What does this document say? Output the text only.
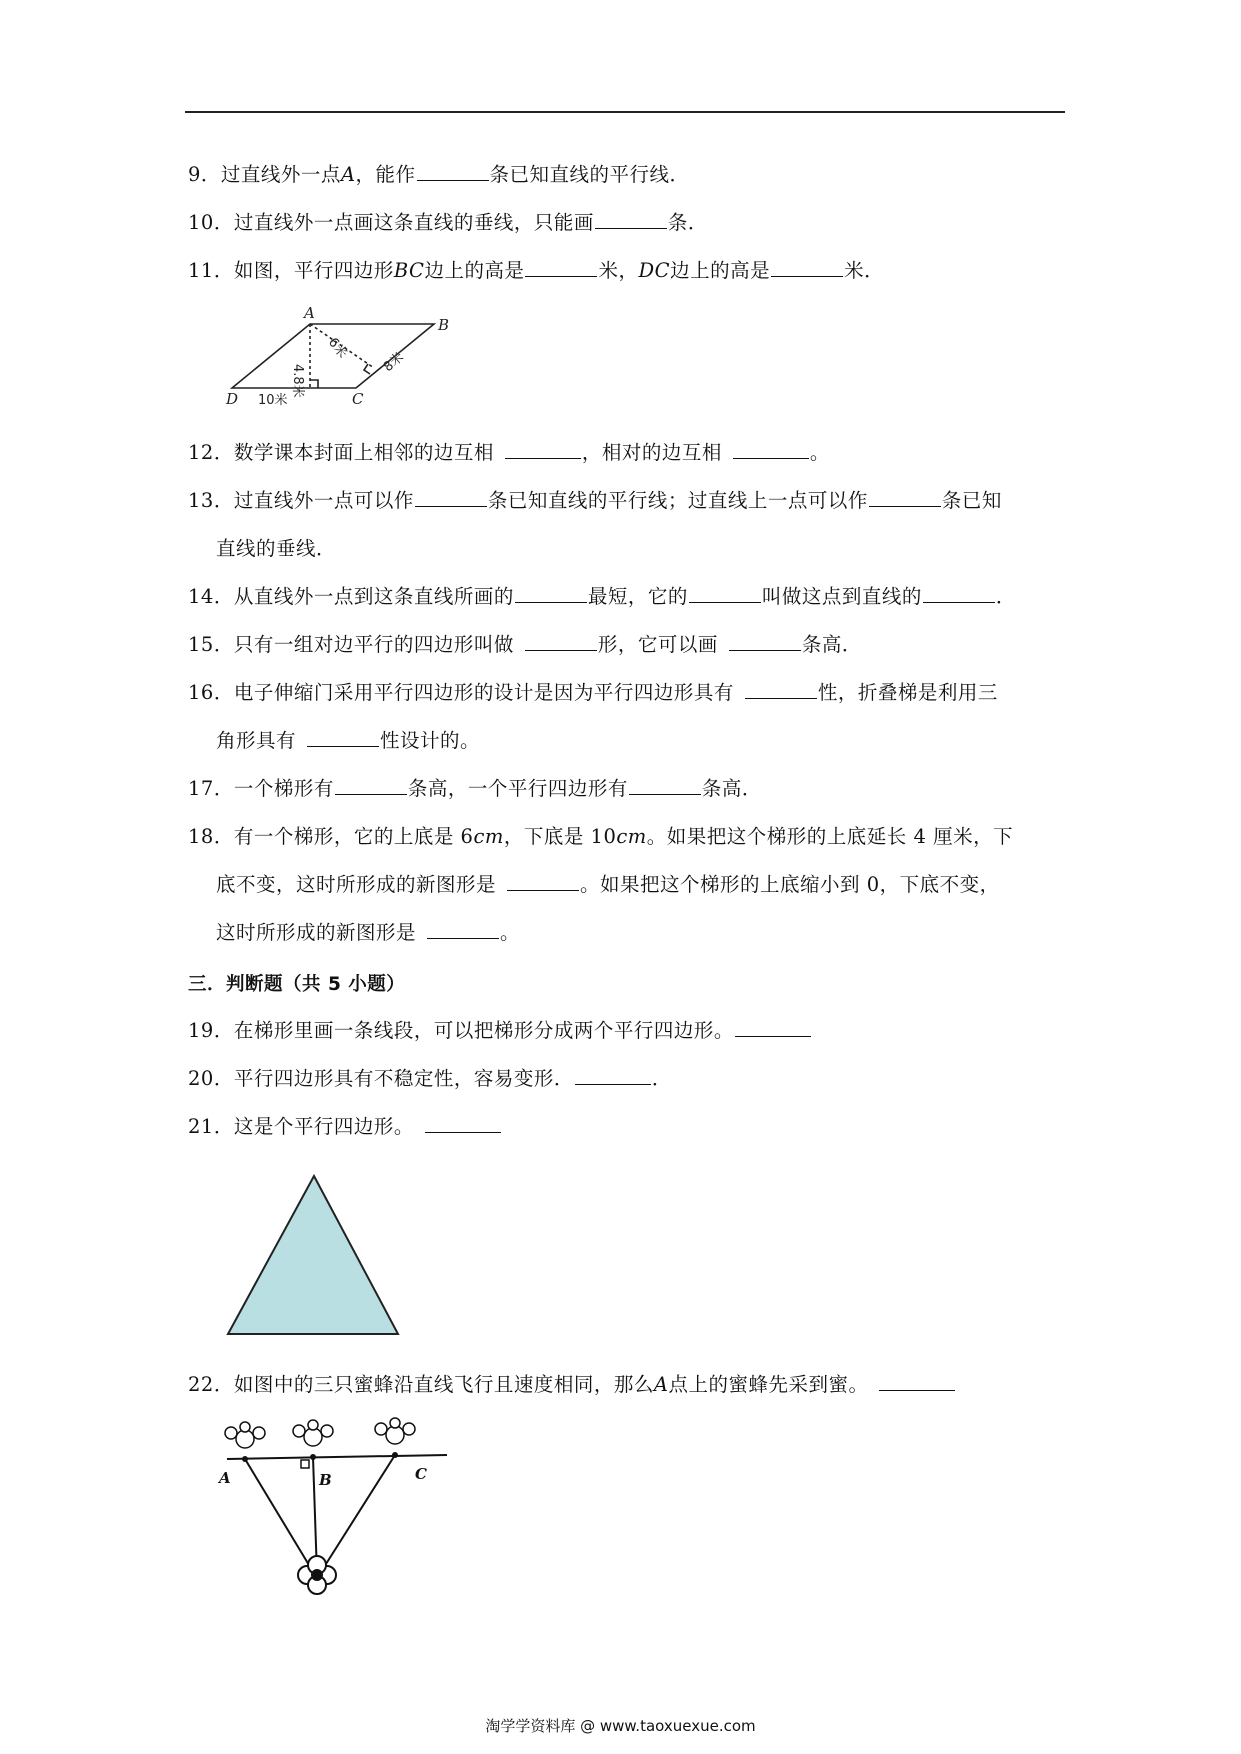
9．过直线外一点A，能作	条已知直线的平行线．
10．过直线外一点画这条直线的垂线，只能画	条．
11．如图，平行四边形BC边上的高是	米，DC边上的高是	米．
A
B
C
D 10米
4.8米
6米
8米
12．数学课本封面上相邻的边互相	，相对的边互相	。
13．过直线外一点可以作	条已知直线的平行线；过直线上一点可以作	条已知
直线的垂线．
14．从直线外一点到这条直线所画的	最短，它的	叫做这点到直线的	．
15．只有一组对边平行的四边形叫做	形，它可以画	条高．
16．电子伸缩门采用平行四边形的设计是因为平行四边形具有	性，折叠梯是利用三
角形具有	性设计的。
17．一个梯形有	条高，一个平行四边形有	条高．
18．有一个梯形，它的上底是 6cm，下底是 10cm。如果把这个梯形的上底延长 4 厘米，下
底不变，这时所形成的新图形是	。如果把这个梯形的上底缩小到 0，下底不变，
这时所形成的新图形是	。
三．判断题（共 5 小题）
19．在梯形里画一条线段，可以把梯形分成两个平行四边形。
20．平行四边形具有不稳定性，容易变形．	．
21．这是个平行四边形。
22．如图中的三只蜜蜂沿直线飞行且速度相同，那么A点上的蜜蜂先采到蜜。
A	B	C
淘学学资料库 @ www.taoxuexue.com
